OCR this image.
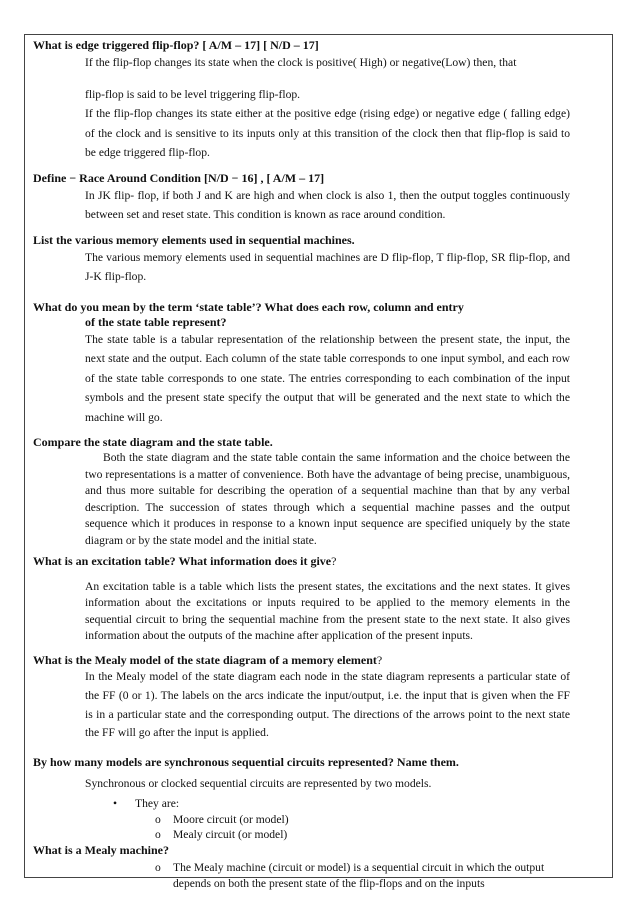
What is edge triggered flip-flop? [ A/M – 17] [ N/D – 17]

If the flip-flop changes its state when the clock is positive( High) or negative(Low) then, that

flip-flop is said to be level triggering flip-flop.

If the flip-flop changes its state either at the positive edge (rising edge) or negative edge ( falling edge) of the clock and is sensitive to its inputs only at this transition of the clock then that flip-flop is said to be edge triggered flip-flop.

Define − Race Around Condition [N/D − 16] , [ A/M – 17]

In JK flip- flop, if both J and K are high and when clock is also 1, then the output toggles continuously between set and reset state. This condition is known as race around condition.

List the various memory elements used in sequential machines.

The various memory elements used in sequential machines are D flip-flop, T flip-flop, SR flip-flop, and J-K flip-flop.

What do you mean by the term ‘state table’? What does each row, column and entry

of the state table represent?

The state table is a tabular representation of the relationship between the present state, the input, the next state and the output. Each column of the state table corresponds to one input symbol, and each row of the state table corresponds to one state. The entries corresponding to each combination of the input symbols and the present state specify the output that will be generated and the next state to which the machine will go.

Compare the state diagram and the state table.

Both the state diagram and the state table contain the same information and the choice between the two representations is a matter of convenience. Both have the advantage of being precise, unambiguous, and thus more suitable for describing the operation of a sequential machine than that by any verbal description. The succession of states through which a sequential machine passes and the output sequence which it produces in response to a known input sequence are specified uniquely by the state diagram or by the state model and the initial state.

What is an excitation table? What information does it give?

An excitation table is a table which lists the present states, the excitations and the next states. It gives information about the excitations or inputs required to be applied to the memory elements in the sequential circuit to bring the sequential machine from the present state to the next state. It also gives information about the outputs of the machine after application of the present inputs.

What is the Mealy model of the state diagram of a memory element?

In the Mealy model of the state diagram each node in the state diagram represents a particular state of the FF (0 or 1). The labels on the arcs indicate the input/output, i.e. the input that is given when the FF is in a particular state and the corresponding output. The directions of the arrows point to the next state the FF will go after the input is applied.

By how many models are synchronous sequential circuits represented? Name them.

Synchronous or clocked sequential circuits are represented by two models.

• They are:
o Moore circuit (or model)
o Mealy circuit (or model)

What is a Mealy machine?

o	The Mealy machine (circuit or model) is a sequential circuit in which the output depends on both the present state of the flip-flops and on the inputs
